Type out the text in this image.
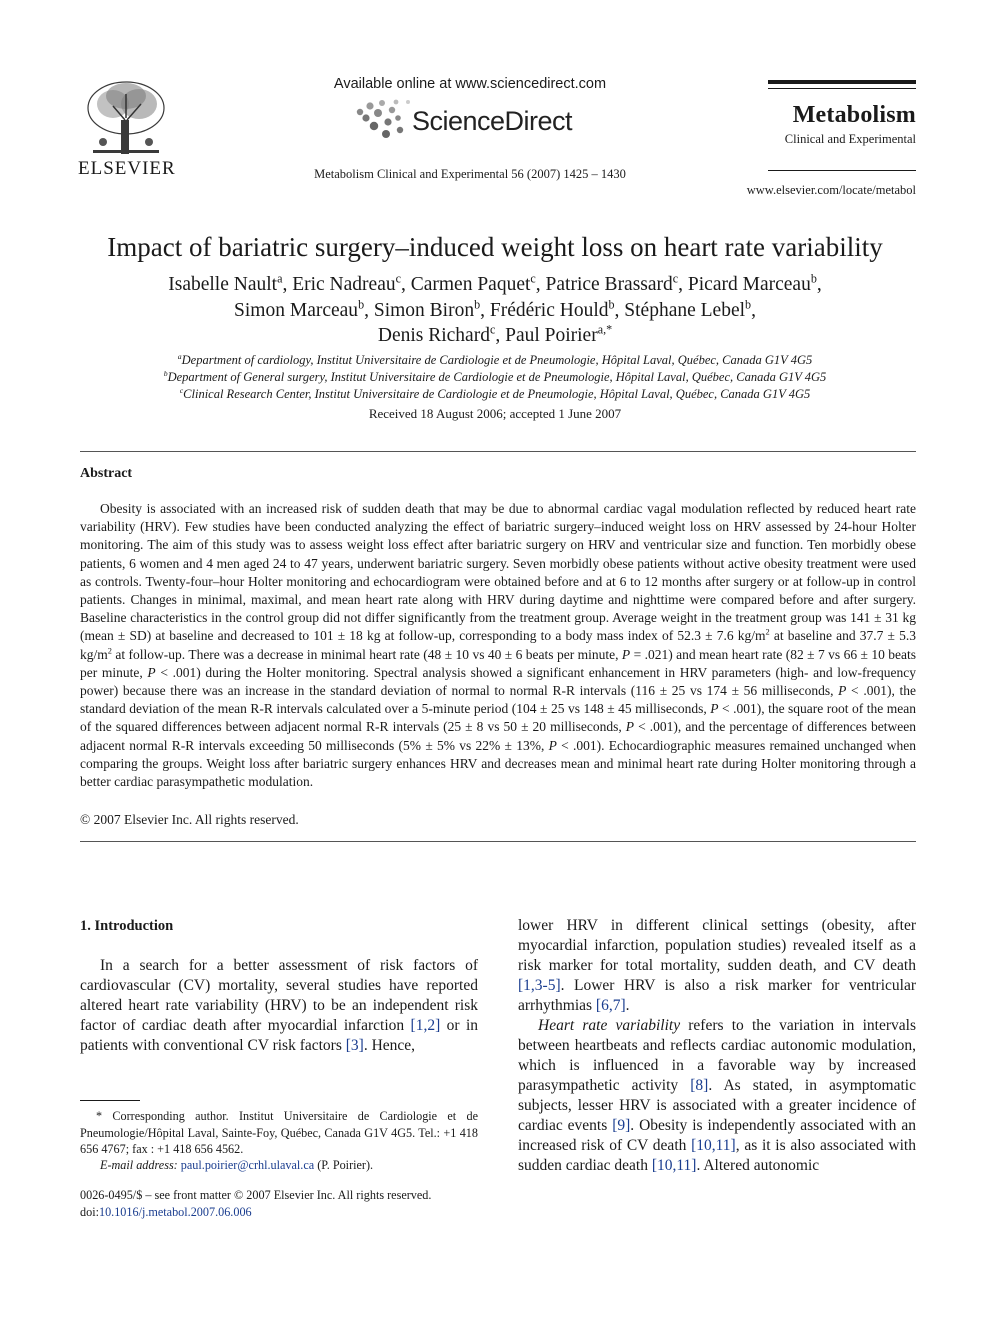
ELSEVIER
Available online at www.sciencedirect.com
ScienceDirect
Metabolism Clinical and Experimental 56 (2007) 1425 – 1430
Metabolism
Clinical and Experimental
www.elsevier.com/locate/metabol
Impact of bariatric surgery–induced weight loss on heart rate variability
Isabelle Nault$^a$, Eric Nadreau$^c$, Carmen Paquet$^c$, Patrice Brassard$^c$, Picard Marceau$^b$,
Simon Marceau$^b$, Simon Biron$^b$, Frédéric Hould$^b$, Stéphane Lebel$^b$,
Denis Richard$^c$, Paul Poirier$^{a,*}$
$^a$Department of cardiology, Institut Universitaire de Cardiologie et de Pneumologie, Hôpital Laval, Québec, Canada G1V 4G5
$^b$Department of General surgery, Institut Universitaire de Cardiologie et de Pneumologie, Hôpital Laval, Québec, Canada G1V 4G5
$^c$Clinical Research Center, Institut Universitaire de Cardiologie et de Pneumologie, Hôpital Laval, Québec, Canada G1V 4G5
Received 18 August 2006; accepted 1 June 2007
Abstract
Obesity is associated with an increased risk of sudden death that may be due to abnormal cardiac vagal modulation reflected by reduced heart rate variability (HRV). Few studies have been conducted analyzing the effect of bariatric surgery–induced weight loss on HRV assessed by 24-hour Holter monitoring. The aim of this study was to assess weight loss effect after bariatric surgery on HRV and ventricular size and function. Ten morbidly obese patients, 6 women and 4 men aged 24 to 47 years, underwent bariatric surgery. Seven morbidly obese patients without active obesity treatment were used as controls. Twenty-four–hour Holter monitoring and echocardiogram were obtained before and at 6 to 12 months after surgery or at follow-up in control patients. Changes in minimal, maximal, and mean heart rate along with HRV during daytime and nighttime were compared before and after surgery. Baseline characteristics in the control group did not differ significantly from the treatment group. Average weight in the treatment group was 141 ± 31 kg (mean ± SD) at baseline and decreased to 101 ± 18 kg at follow-up, corresponding to a body mass index of 52.3 ± 7.6 $kg/m^2$ at baseline and 37.7 ± 5.3 $kg/m^2$ at follow-up. There was a decrease in minimal heart rate (48 ± 10 vs 40 ± 6 beats per minute, P = .021) and mean heart rate (82 ± 7 vs 66 ± 10 beats per minute, P < .001) during the Holter monitoring. Spectral analysis showed a significant enhancement in HRV parameters (high- and low-frequency power) because there was an increase in the standard deviation of normal to normal R-R intervals (116 ± 25 vs 174 ± 56 milliseconds, P < .001), the standard deviation of the mean R-R intervals calculated over a 5-minute period (104 ± 25 vs 148 ± 45 milliseconds, P < .001), the square root of the mean of the squared differences between adjacent normal R-R intervals (25 ± 8 vs 50 ± 20 milliseconds, P < .001), and the percentage of differences between adjacent normal R-R intervals exceeding 50 milliseconds (5% ± 5% vs 22% ± 13%, P < .001). Echocardiographic measures remained unchanged when comparing the groups. Weight loss after bariatric surgery enhances HRV and decreases mean and minimal heart rate during Holter monitoring through a better cardiac parasympathetic modulation.
© 2007 Elsevier Inc. All rights reserved.
1. Introduction
In a search for a better assessment of risk factors of cardiovascular (CV) mortality, several studies have reported altered heart rate variability (HRV) to be an independent risk factor of cardiac death after myocardial infarction [1,2] or in patients with conventional CV risk factors [3]. Hence,

lower HRV in different clinical settings (obesity, after myocardial infarction, population studies) revealed itself as a risk marker for total mortality, sudden death, and CV death [1,3-5]. Lower HRV is also a risk marker for ventricular arrhythmias [6,7].

Heart rate variability refers to the variation in intervals between heartbeats and reflects cardiac autonomic modulation, which is influenced in a favorable way by increased parasympathetic activity [8]. As stated, in asymptomatic subjects, lesser HRV is associated with a greater incidence of cardiac events [9]. Obesity is independently associated with an increased risk of CV death [10,11], as it is also associated with sudden cardiac death [10,11]. Altered autonomic

* Corresponding author. Institut Universitaire de Cardiologie et de Pneumologie/Hôpital Laval, Sainte-Foy, Québec, Canada G1V 4G5. Tel.: +1 418 656 4767; fax : +1 418 656 4562.
E-mail address: paul.poirier@crhl.ulaval.ca (P. Poirier).
0026-0495/$ – see front matter © 2007 Elsevier Inc. All rights reserved.
doi:10.1016/j.metabol.2007.06.006
